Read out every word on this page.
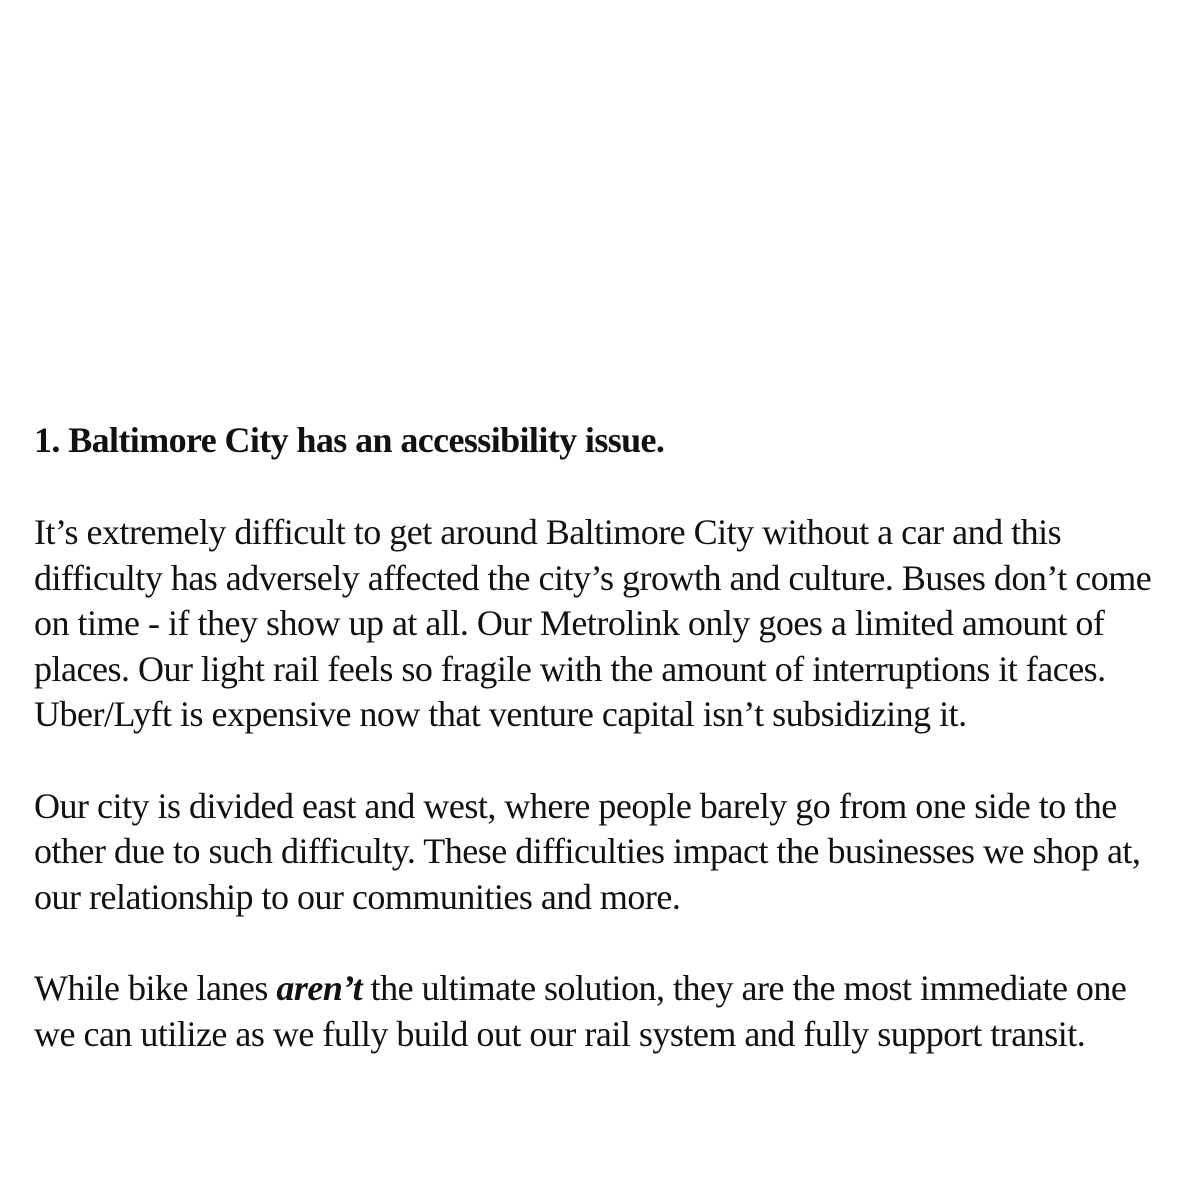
1. Baltimore City has an accessibility issue.

It’s extremely difficult to get around Baltimore City without a car and this difficulty has adversely affected the city’s growth and culture. Buses don’t come on time - if they show up at all. Our Metrolink only goes a limited amount of places. Our light rail feels so fragile with the amount of interruptions it faces. Uber/Lyft is expensive now that venture capital isn’t subsidizing it.

Our city is divided east and west, where people barely go from one side to the other due to such difficulty. These difficulties impact the businesses we shop at, our relationship to our communities and more.

While bike lanes aren’t the ultimate solution, they are the most immediate one we can utilize as we fully build out our rail system and fully support transit.
